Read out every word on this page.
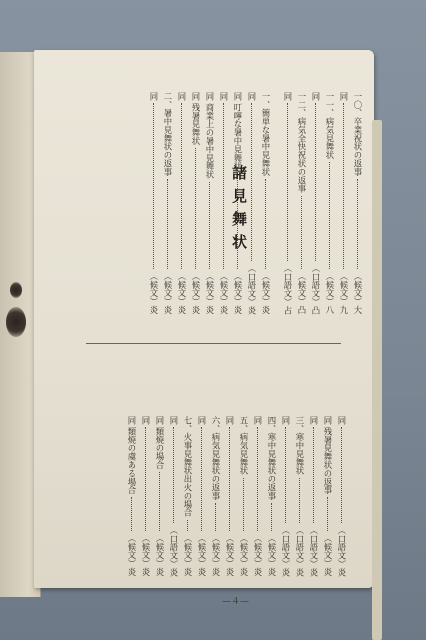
一〇、卒業祝状の返事
（候文）大
同
（候文）九
一一、病気見舞状
（候文）八
同
（口語文）凸
一二、病気全快祝状の返事
（候文）凸
同
（口語文）占
一、簡単な暑中見舞状
（候文）炎
同
（口語文）炎
同 叮嚀な暑中見舞状
（候文）炎
同
（候文）炎
同 商業上の暑中見舞状
（候文）炎
同 残暑見舞状
（候文）炎
同
（候文）炎
二、暑中見舞状の返事
（候文）炎
同
（候文）炎
諸見舞状
同
（口語文）炎
同 残暑見舞状の返事
（候文）炎
同
（口語文）炎
三、寒中見舞状
（口語文）炎
同
（口語文）炎
四、寒中見舞状の返事
（候文）炎
同
（候文）炎
五、病気見舞状
（候文）炎
同
（候文）炎
六、病気見舞状の返事
（候文）炎
同
（候文）炎
七、火事見舞状出火の場合
（候文）炎
同
（口語文）炎
同 類焼の場合
（候文）炎
同
（候文）炎
同 類焼の虞ある場合
（候文）炎
—４—
